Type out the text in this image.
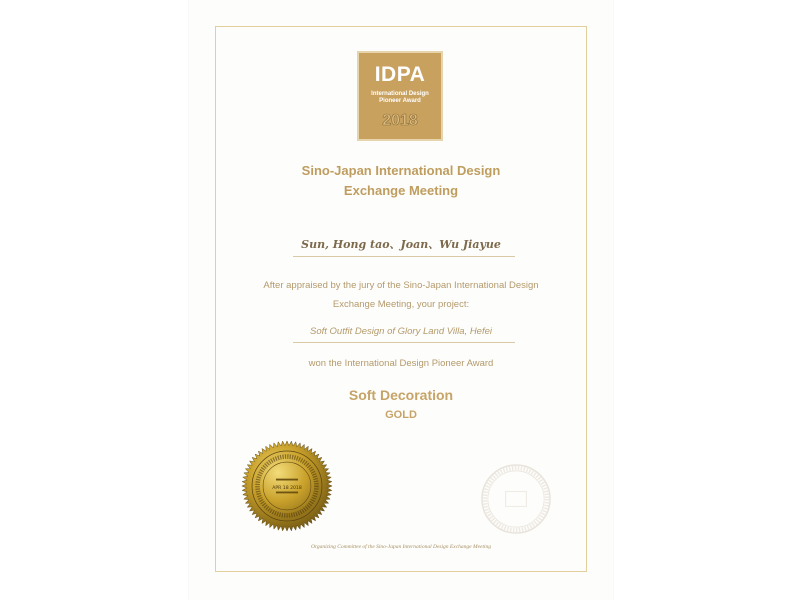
IDPA
International Design
Pioneer Award
2018
Sino-Japan International Design
Exchange Meeting
Sun, Hong tao、Joan、Wu Jiayue
After appraised by the jury of the Sino-Japan International Design
Exchange Meeting, your project:
Soft Outfit Design of Glory Land Villa, Hefei
won the International Design Pioneer Award
Soft Decoration
GOLD
APR 18 2018
Organizing Committee of the Sino-Japan International Design Exchange Meeting
